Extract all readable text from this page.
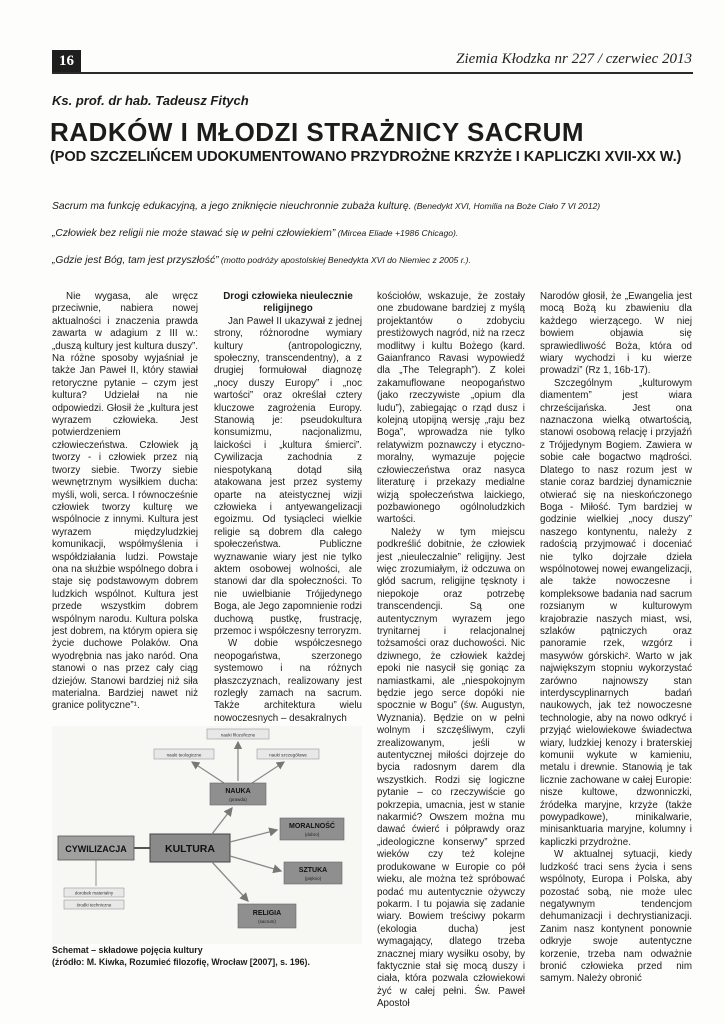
16	Ziemia Kłodzka nr 227 / czerwiec 2013
Ks. prof. dr hab. Tadeusz Fitych
RADKÓW I MŁODZI STRAŻNICY SACRUM
(POD SZCZELIŃCEM UDOKUMENTOWANO PRZYDROŻNE KRZYŻE I KAPLICZKI XVII-XX W.)
Sacrum ma funkcję edukacyjną, a jego zniknięcie nieuchronnie zubaża kulturę. (Benedykt XVI, Homilia na Boże Ciało 7 VI 2012)
„Człowiek bez religii nie może stawać się w pełni człowiekiem” (Mircea Eliade +1986 Chicago).
„Gdzie jest Bóg, tam jest przyszłość” (motto podróży apostolskiej Benedykta XVI do Niemiec z 2005 r.).

Nie wygasa, ale wręcz przeciwnie, nabiera nowej aktualności i znaczenia prawda zawarta w adagium z III w.: „duszą kultury jest kultura duszy”. Na różne sposoby wyjaśniał je także Jan Paweł II, który stawiał retoryczne pytanie – czym jest kultura? Udzielał na nie odpowiedzi. Głosił że „kultura jest wyrazem człowieka. Jest potwierdzeniem człowieczeństwa. Człowiek ją tworzy - i człowiek przez nią tworzy siebie. Tworzy siebie wewnętrznym wysiłkiem ducha: myśli, woli, serca. I równocześnie człowiek tworzy kulturę we wspólnocie z innymi. Kultura jest wyrazem międzyludzkiej komunikacji, współmyślenia i współdziałania ludzi. Powstaje ona na służbie wspólnego dobra i staje się podstawowym dobrem ludzkich wspólnot. Kultura jest przede wszystkim dobrem wspólnym narodu. Kultura polska jest dobrem, na którym opiera się życie duchowe Polaków. Ona wyodrębnia nas jako naród. Ona stanowi o nas przez cały ciąg dziejów. Stanowi bardziej niż siła materialna. Bardziej nawet niż granice polityczne”¹.

Drogi człowieka nieulecznie religijnego

Jan Paweł II ukazywał z jednej strony, różnorodne wymiary kultury (antropologiczny, społeczny, transcendentny), a z drugiej formułował diagnozę „nocy duszy Europy” i „noc wartości” oraz określał cztery kluczowe zagrożenia Europy. Stanowią je: pseudokultura konsumizmu, nacjonalizmu, laickości i „kultura śmierci”. Cywilizacja zachodnia z niespotykaną dotąd siłą atakowana jest przez systemy oparte na ateistycznej wizji człowieka i antyewangelizacji egoizmu. Od tysiącleci wielkie religie są dobrem dla całego społeczeństwa. Publiczne wyznawanie wiary jest nie tylko aktem osobowej wolności, ale stanowi dar dla społeczności. To nie uwielbianie Trójjedynego Boga, ale Jego zapomnienie rodzi duchową pustkę, frustrację, przemoc i współczesny terroryzm.

W dobie współczesnego neopogaństwa, szerzonego systemowo i na różnych płaszczyznach, realizowany jest rozległy zamach na sacrum. Także architektura wielu nowoczesnych – desakralnych

kościołów, wskazuje, że zostały one zbudowane bardziej z myślą projektantów o zdobyciu prestiżowych nagród, niż na rzecz modlitwy i kultu Bożego (kard. Gaianfranco Ravasi wypowiedź dla „The Telegraph”). Z kolei zakamuflowane neopogaństwo (jako rzeczywiste „opium dla ludu”), zabiegając o rząd dusz i kolejną utopijną wersję „raju bez Boga”, wprowadza nie tylko relatywizm poznawczy i etyczno-moralny, wymazuje pojęcie człowieczeństwa oraz nasyca literaturę i przekazy medialne wizją społeczeństwa laickiego, pozbawionego ogólnoludzkich wartości.

Należy w tym miejscu podkreślić dobitnie, że człowiek jest „nieuleczalnie” religijny. Jest więc zrozumiałym, iż odczuwa on głód sacrum, religijne tęsknoty i niepokoje oraz potrzebę transcendencji. Są one autentycznym wyrazem jego trynitarnej i relacjonalnej tożsamości oraz duchowości. Nic dziwnego, że człowiek każdej epoki nie nasycił się goniąc za namiastkami, ale „niespokojnym będzie jego serce dopóki nie spocznie w Bogu” (św. Augustyn, Wyznania). Będzie on w pełni wolnym i szczęśliwym, czyli zrealizowanym, jeśli w autentycznej miłości dojrzeje do bycia radosnym darem dla wszystkich. Rodzi się logiczne pytanie – co rzeczywiście go pokrzepia, umacnia, jest w stanie nakarmić? Owszem można mu dawać ćwierć i półprawdy oraz „ideologiczne konserwy” sprzed wieków czy też kolejne produkowane w Europie co pół wieku, ale można też spróbować podać mu autentycznie ożywczy pokarm. I tu pojawia się zadanie wiary. Bowiem treściwy pokarm (ekologia ducha) jest wymagający, dlatego trzeba znacznej miary wysiłku osoby, by faktycznie stał się mocą duszy i ciała, która pozwala człowiekowi żyć w całej pełni. Św. Paweł Apostoł

Narodów głosił, że „Ewangelia jest mocą Bożą ku zbawieniu dla każdego wierzącego. W niej bowiem objawia się sprawiedliwość Boża, która od wiary wychodzi i ku wierze prowadzi” (Rz 1, 16b-17).

Szczególnym „kulturowym diamentem” jest wiara chrześcijańska. Jest ona naznaczona wielką otwartością, stanowi osobową relację i przyjaźń z Trójjedynym Bogiem. Zawiera w sobie całe bogactwo mądrości. Dlatego to nasz rozum jest w stanie coraz bardziej dynamicznie otwierać się na nieskończonego Boga - Miłość. Tym bardziej w godzinie wielkiej „nocy duszy” naszego kontynentu, należy z radością przyjmować i doceniać nie tylko dojrzałe dzieła wspólnotowej nowej ewangelizacji, ale także nowoczesne i kompleksowe badania nad sacrum rozsianym w kulturowym krajobrazie naszych miast, wsi, szlaków pątniczych oraz panoramie rzek, wzgórz i masywów górskich². Warto w jak największym stopniu wykorzystać zarówno najnowszy stan interdyscyplinarnych badań naukowych, jak też nowoczesne technologie, aby na nowo odkryć i przyjąć wielowiekowe świadectwa wiary, ludzkiej kenozy i braterskiej komunii wykute w kamieniu, metalu i drewnie. Stanowią je tak licznie zachowane w całej Europie: nisze kultowe, dzwonniczki, źródełka maryjne, krzyże (także powypadkowe), minikalwarie, minisanktuaria maryjne, kolumny i kapliczki przydrożne.

W aktualnej sytuacji, kiedy ludzkość traci sens życia i sens wspólnoty, Europa i Polska, aby pozostać sobą, nie może ulec negatywnym tendencjom dehumanizacji i dechrystianizacji. Zanim nasz kontynent ponownie odkryje swoje autentyczne korzenie, trzeba nam odważnie bronić człowieka przed nim samym. Należy obronić

nauki filozoficzne
nauki teologiczne	nauki szczegółowe
NAUKA
(prawda)
MORALNOŚĆ
(dobro)
SZTUKA
(piękno)
RELIGIA
(sacrum)
CYWILIZACJA	KULTURA
dorobek materialny
środki techniczne
Schemat – składowe pojęcia kultury
(źródło: M. Kiwka, Rozumieć filozofię, Wrocław [2007], s. 196).
